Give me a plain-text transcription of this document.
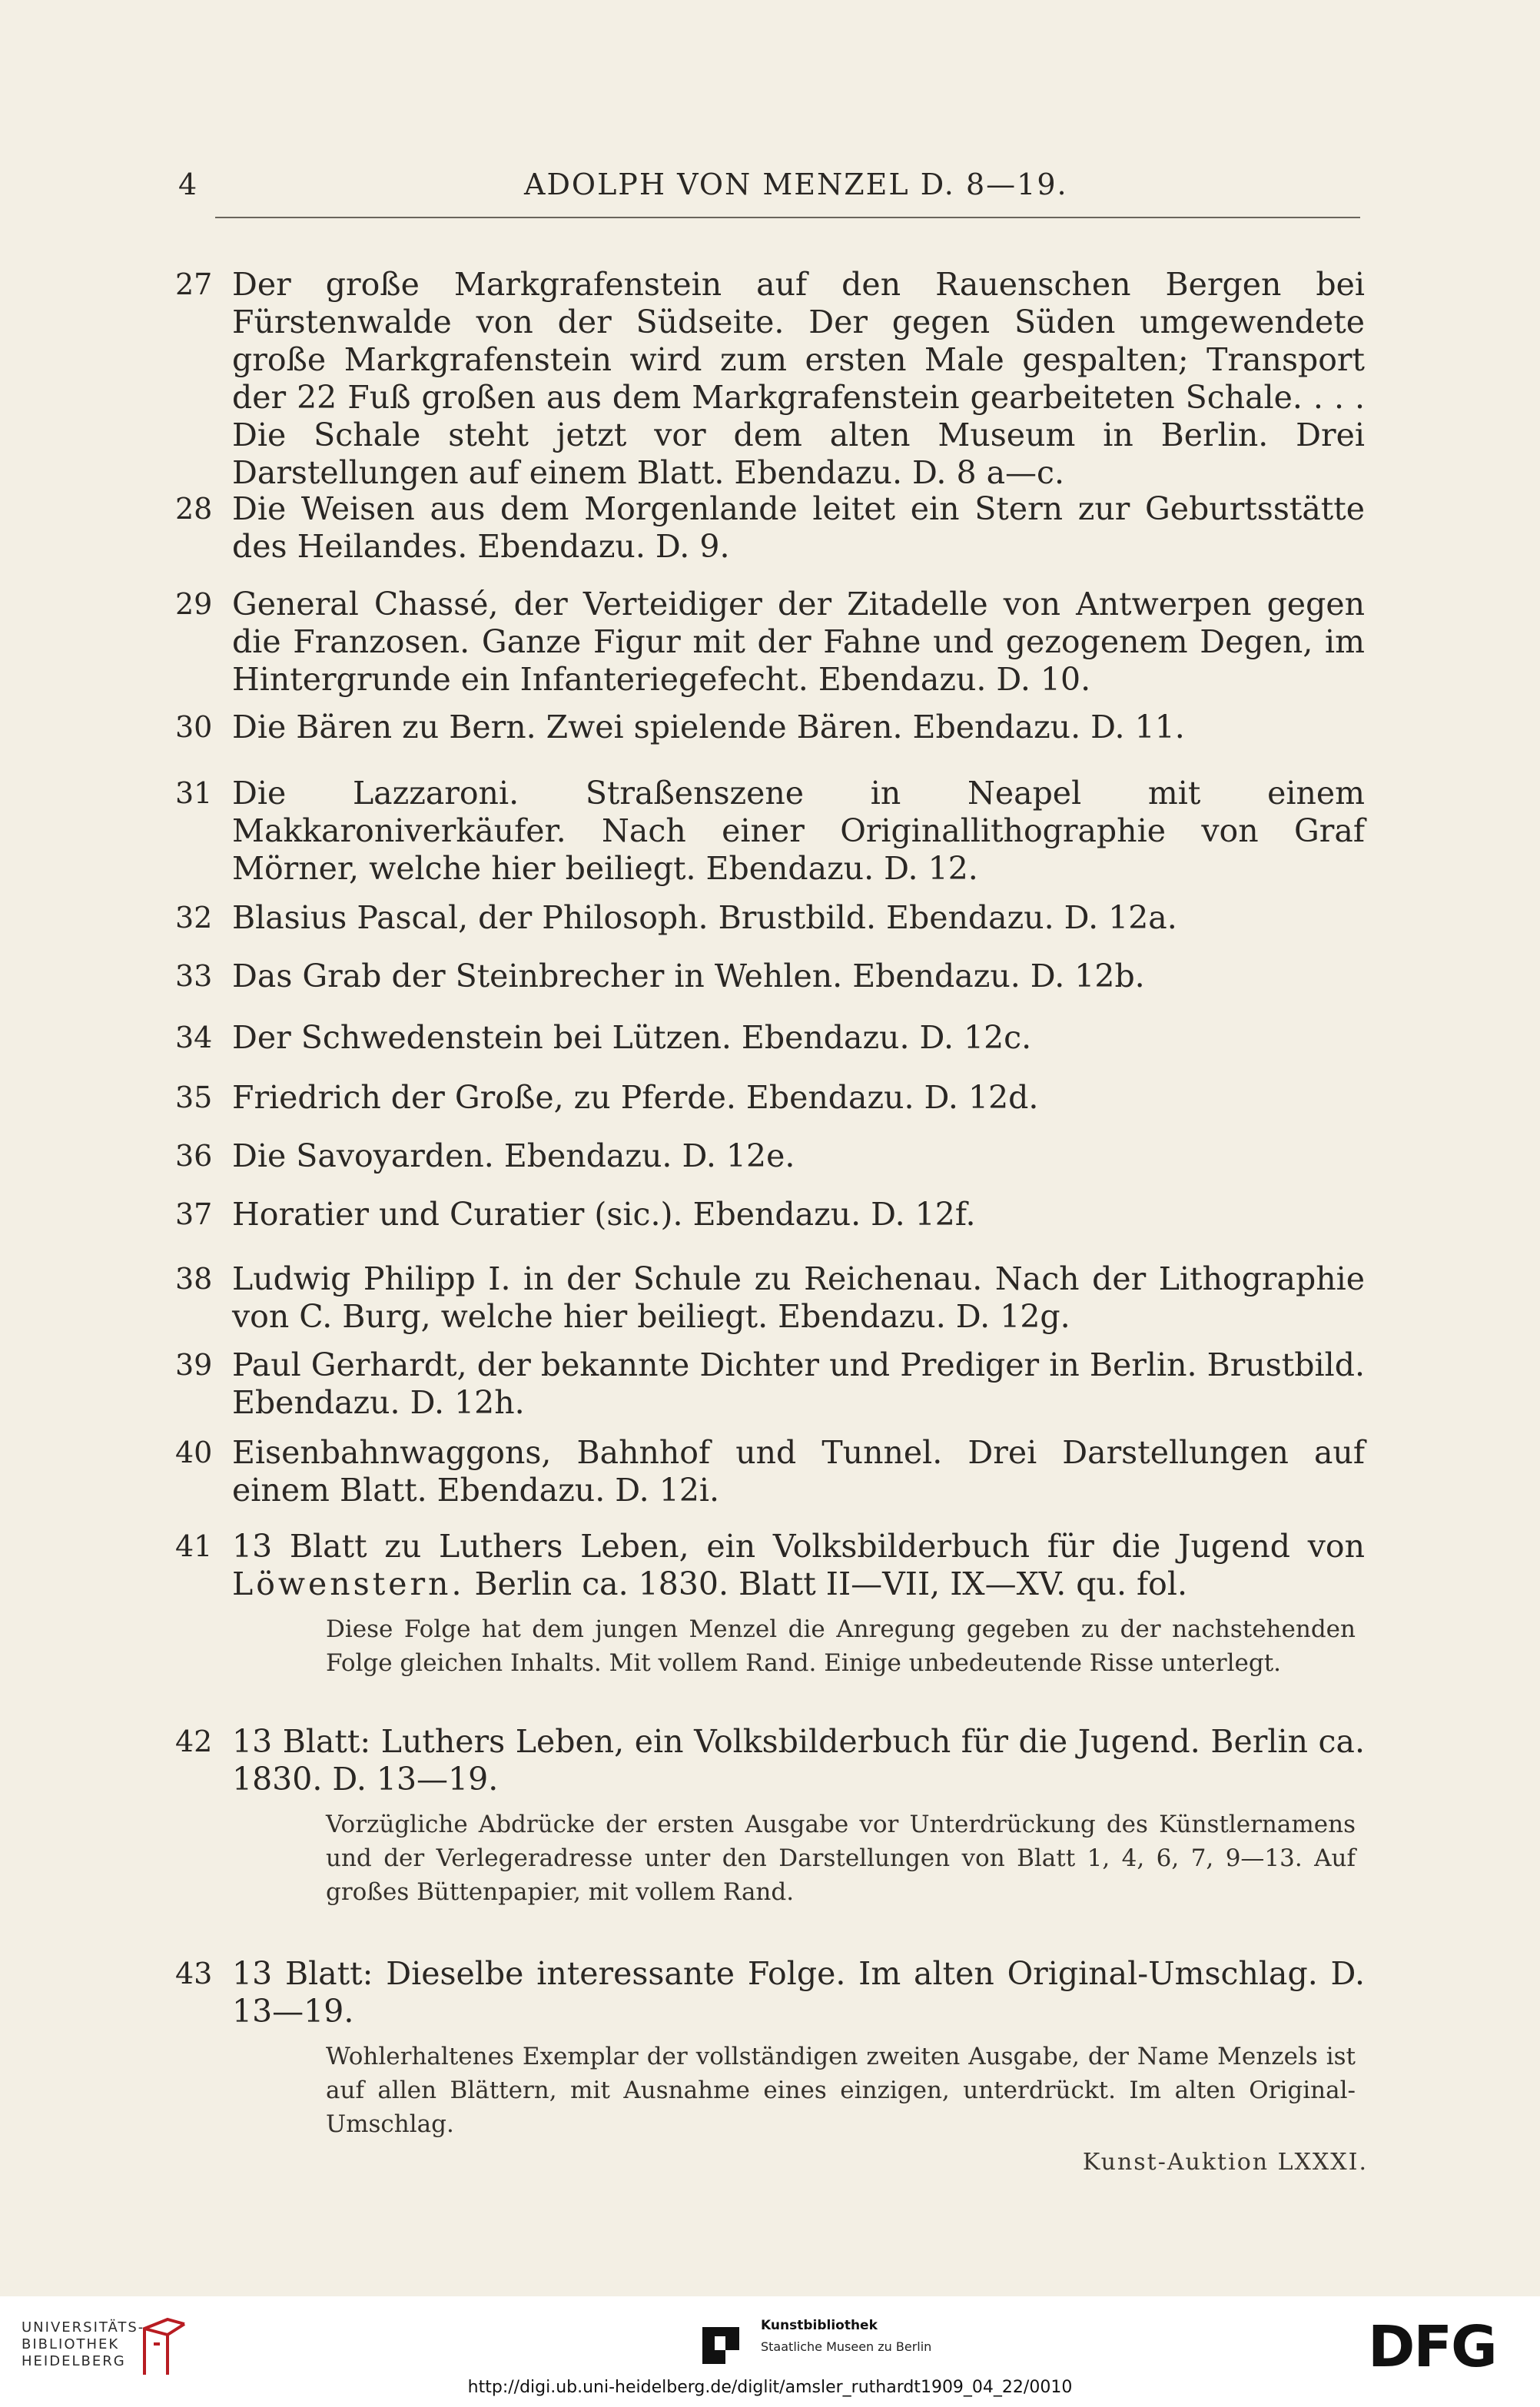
4	ADOLPH VON MENZEL D. 8—19.
27 Der große Markgrafenstein auf den Rauenschen Bergen bei Fürstenwalde von der Südseite. Der gegen Süden umgewendete große Markgrafenstein wird zum ersten Male gespalten; Transport der 22 Fuß großen aus dem Markgrafenstein gearbeiteten Schale. . . . Die Schale steht jetzt vor dem alten Museum in Berlin. Drei Darstellungen auf einem Blatt. Ebendazu. D. 8 a—c.
28 Die Weisen aus dem Morgenlande leitet ein Stern zur Geburtsstätte des Heilandes. Ebendazu. D. 9.
29 General Chassé, der Verteidiger der Zitadelle von Antwerpen gegen die Franzosen. Ganze Figur mit der Fahne und gezogenem Degen, im Hintergrunde ein Infanteriegefecht. Ebendazu. D. 10.
30 Die Bären zu Bern. Zwei spielende Bären. Ebendazu. D. 11.
31 Die Lazzaroni. Straßenszene in Neapel mit einem Makkaroniverkäufer. Nach einer Originallithographie von Graf Mörner, welche hier beiliegt. Ebendazu. D. 12.
32 Blasius Pascal, der Philosoph. Brustbild. Ebendazu. D. 12a.
33 Das Grab der Steinbrecher in Wehlen. Ebendazu. D. 12b.
34 Der Schwedenstein bei Lützen. Ebendazu. D. 12c.
35 Friedrich der Große, zu Pferde. Ebendazu. D. 12d.
36 Die Savoyarden. Ebendazu. D. 12e.
37 Horatier und Curatier (sic.). Ebendazu. D. 12f.
38 Ludwig Philipp I. in der Schule zu Reichenau. Nach der Lithographie von C. Burg, welche hier beiliegt. Ebendazu. D. 12g.
39 Paul Gerhardt, der bekannte Dichter und Prediger in Berlin. Brustbild. Ebendazu. D. 12h.
40 Eisenbahnwaggons, Bahnhof und Tunnel. Drei Darstellungen auf einem Blatt. Ebendazu. D. 12i.
41 13 Blatt zu Luthers Leben, ein Volksbilderbuch für die Jugend von Löwenstern. Berlin ca. 1830. Blatt II—VII, IX—XV. qu. fol.
Diese Folge hat dem jungen Menzel die Anregung gegeben zu der nachstehenden Folge gleichen Inhalts. Mit vollem Rand. Einige unbedeutende Risse unterlegt.
42 13 Blatt: Luthers Leben, ein Volksbilderbuch für die Jugend. Berlin ca. 1830. D. 13—19.
Vorzügliche Abdrücke der ersten Ausgabe vor Unterdrückung des Künstlernamens und der Verlegeradresse unter den Darstellungen von Blatt 1, 4, 6, 7, 9—13. Auf großes Büttenpapier, mit vollem Rand.
43 13 Blatt: Dieselbe interessante Folge. Im alten Original-Umschlag. D. 13—19.
Wohlerhaltenes Exemplar der vollständigen zweiten Ausgabe, der Name Menzels ist auf allen Blättern, mit Ausnahme eines einzigen, unterdrückt. Im alten Original-Umschlag.
Kunst-Auktion LXXXI.
UNIVERSITÄTS-
BIBLIOTHEK
HEIDELBERG
Kunstbibliothek
Staatliche Museen zu Berlin	DFG
http://digi.ub.uni-heidelberg.de/diglit/amsler_ruthardt1909_04_22/0010
